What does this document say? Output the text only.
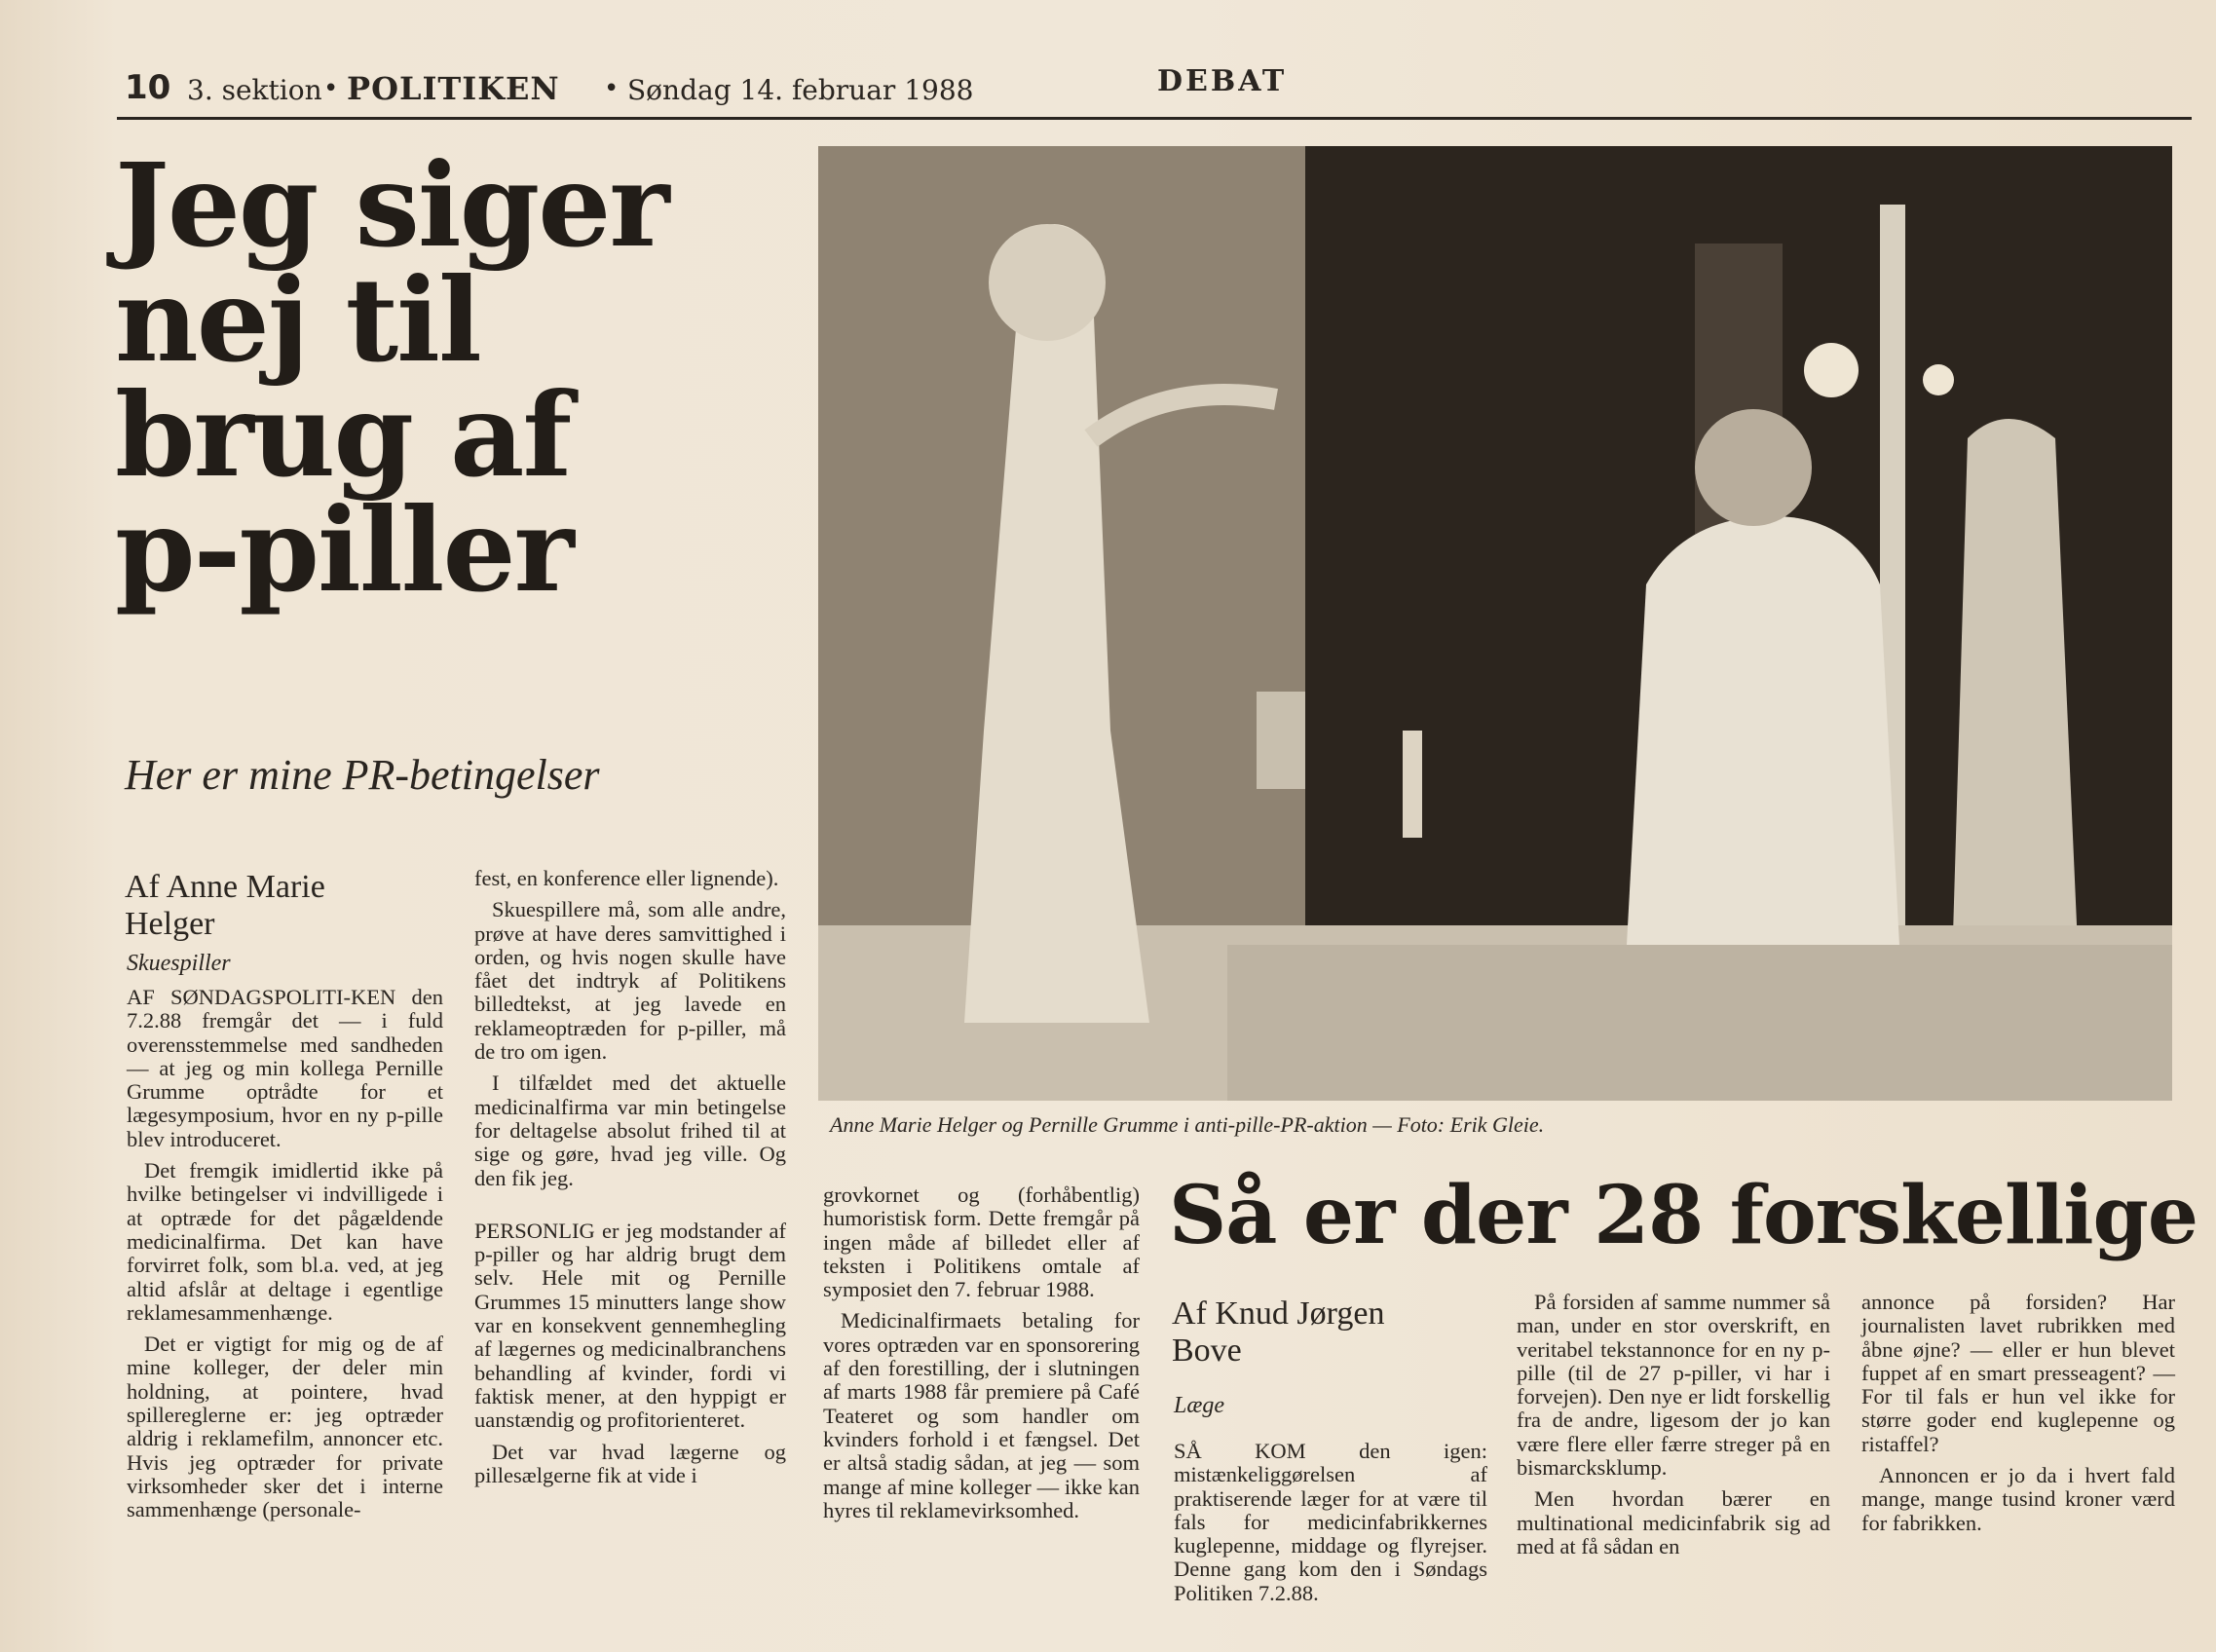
10 3. sektion • POLITIKEN • Søndag 14. februar 1988	DEBAT
Jeg siger
nej til
brug af
p-piller
Her er mine PR-betingelser
Af Anne Marie
Helger
Skuespiller

AF SØNDAGSPOLITI-KEN den 7.2.88 fremgår det — i fuld overensstemmelse med sandheden — at jeg og min kollega Pernille Grumme optrådte for et lægesymposium, hvor en ny p-pille blev introduceret.

Det fremgik imidlertid ikke på hvilke betingelser vi indvilligede i at optræde for det pågældende medicinalfirma. Det kan have forvirret folk, som bl.a. ved, at jeg altid afslår at deltage i egentlige reklamesammenhænge.

Det er vigtigt for mig og de af mine kolleger, der deler min holdning, at pointere, hvad spillereglerne er: jeg optræder aldrig i reklamefilm, annoncer etc. Hvis jeg optræder for private virksomheder sker det i interne sammenhænge (personale-

fest, en konference eller lignende).

Skuespillere må, som alle andre, prøve at have deres samvittighed i orden, og hvis nogen skulle have fået det indtryk af Politikens billedtekst, at jeg lavede en reklameoptræden for p-piller, må de tro om igen.

I tilfældet med det aktuelle medicinalfirma var min betingelse for deltagelse absolut frihed til at sige og gøre, hvad jeg ville. Og den fik jeg.

PERSONLIG er jeg modstander af p-piller og har aldrig brugt dem selv. Hele mit og Pernille Grummes 15 minutters lange show var en konsekvent gennemhegling af lægernes og medicinalbranchens behandling af kvinder, fordi vi faktisk mener, at den hyppigt er uanstændig og profitorienteret.

Det var hvad lægerne og pillesælgerne fik at vide i

grovkornet og (forhåbentlig) humoristisk form. Dette fremgår på ingen måde af billedet eller af teksten i Politikens omtale af symposiet den 7. februar 1988.

Medicinalfirmaets betaling for vores optræden var en sponsorering af den forestilling, der i slutningen af marts 1988 får premiere på Café Teateret og som handler om kvinders forhold i et fængsel. Det er altså stadig sådan, at jeg — som mange af mine kolleger — ikke kan hyres til reklamevirksomhed.

Anne Marie Helger og Pernille Grumme i anti-pille-PR-aktion — Foto: Erik Gleie.
Så er der 28 forskellige
Af Knud Jørgen
Bove
Læge

SÅ KOM den igen: mistænkeliggørelsen af praktiserende læger for at være til fals for medicinfabrikkernes kuglepenne, middage og flyrejser. Denne gang kom den i Søndags Politiken 7.2.88.

På forsiden af samme nummer så man, under en stor overskrift, en veritabel tekstannonce for en ny p-pille (til de 27 p-piller, vi har i forvejen). Den nye er lidt forskellig fra de andre, ligesom der jo kan være flere eller færre streger på en bismarcksklump.

Men hvordan bærer en multinational medicinfabrik sig ad med at få sådan en

annonce på forsiden? Har journalisten lavet rubrikken med åbne øjne? — eller er hun blevet fuppet af en smart presseagent? — For til fals er hun vel ikke for større goder end kuglepenne og ristaffel?

Annoncen er jo da i hvert fald mange, mange tusind kroner værd for fabrikken.
